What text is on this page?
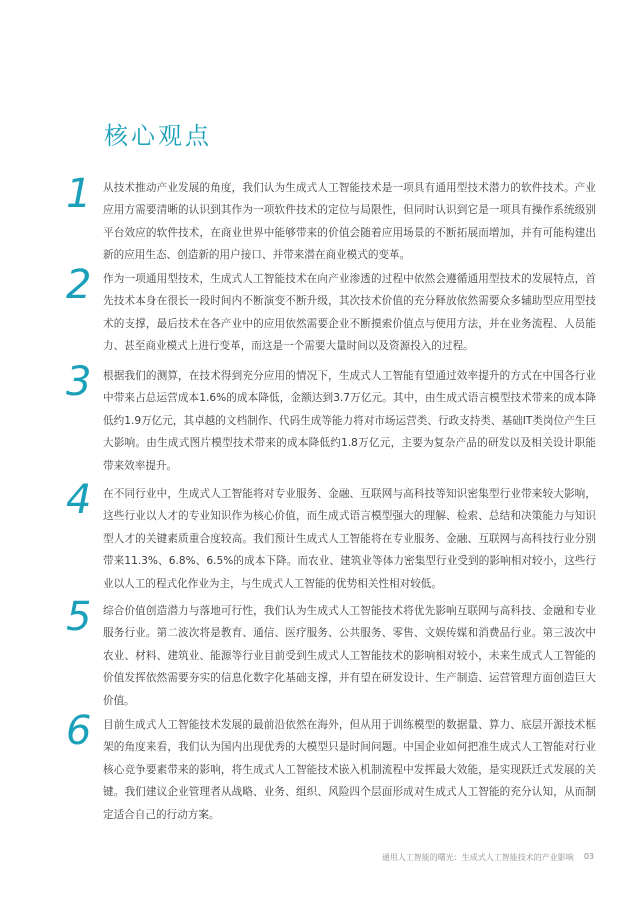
核心观点
1	从技术推动产业发展的角度，我们认为生成式人工智能技术是一项具有通用型技术潜力的软件技术。产业应用方需要清晰的认识到其作为一项软件技术的定位与局限性，但同时认识到它是一项具有操作系统级别平台效应的软件技术，在商业世界中能够带来的价值会随着应用场景的不断拓展而增加，并有可能构建出新的应用生态、创造新的用户接口、并带来潜在商业模式的变革。

2	作为一项通用型技术，生成式人工智能技术在向产业渗透的过程中依然会遵循通用型技术的发展特点，首先技术本身在很长一段时间内不断演变不断升级，其次技术价值的充分释放依然需要众多辅助型应用型技术的支撑，最后技术在各产业中的应用依然需要企业不断摸索价值点与使用方法，并在业务流程、人员能力、甚至商业模式上进行变革，而这是一个需要大量时间以及资源投入的过程。

3	根据我们的测算，在技术得到充分应用的情况下，生成式人工智能有望通过效率提升的方式在中国各行业中带来占总运营成本1.6%的成本降低，金额达到3.7万亿元。其中，由生成式语言模型技术带来的成本降低约1.9万亿元，其卓越的文档制作、代码生成等能力将对市场运营类、行政支持类、基础IT类岗位产生巨大影响。由生成式图片模型技术带来的成本降低约1.8万亿元，主要为复杂产品的研发以及相关设计职能带来效率提升。

4	在不同行业中，生成式人工智能将对专业服务、金融、互联网与高科技等知识密集型行业带来较大影响，这些行业以人才的专业知识作为核心价值，而生成式语言模型强大的理解、检索、总结和决策能力与知识型人才的关键素质重合度较高。我们预计生成式人工智能将在专业服务、金融、互联网与高科技行业分别带来11.3%、6.8%、6.5%的成本下降。而农业、建筑业等体力密集型行业受到的影响相对较小，这些行业以人工的程式化作业为主，与生成式人工智能的优势相关性相对较低。

5	综合价值创造潜力与落地可行性，我们认为生成式人工智能技术将优先影响互联网与高科技、金融和专业服务行业。第二波次将是教育、通信、医疗服务、公共服务、零售、文娱传媒和消费品行业。第三波次中农业、材料、建筑业、能源等行业目前受到生成式人工智能技术的影响相对较小，未来生成式人工智能的价值发挥依然需要夯实的信息化数字化基础支撑，并有望在研发设计、生产制造、运营管理方面创造巨大价值。

6	目前生成式人工智能技术发展的最前沿依然在海外，但从用于训练模型的数据量、算力、底层开源技术框架的角度来看，我们认为国内出现优秀的大模型只是时间问题。中国企业如何把准生成式人工智能对行业核心竞争要素带来的影响，将生成式人工智能技术嵌入机制流程中发挥最大效能，是实现跃迁式发展的关键。我们建议企业管理者从战略、业务、组织、风险四个层面形成对生成式人工智能的充分认知，从而制定适合自己的行动方案。

通用人工智能的曙光：生成式人工智能技术的产业影响 03
